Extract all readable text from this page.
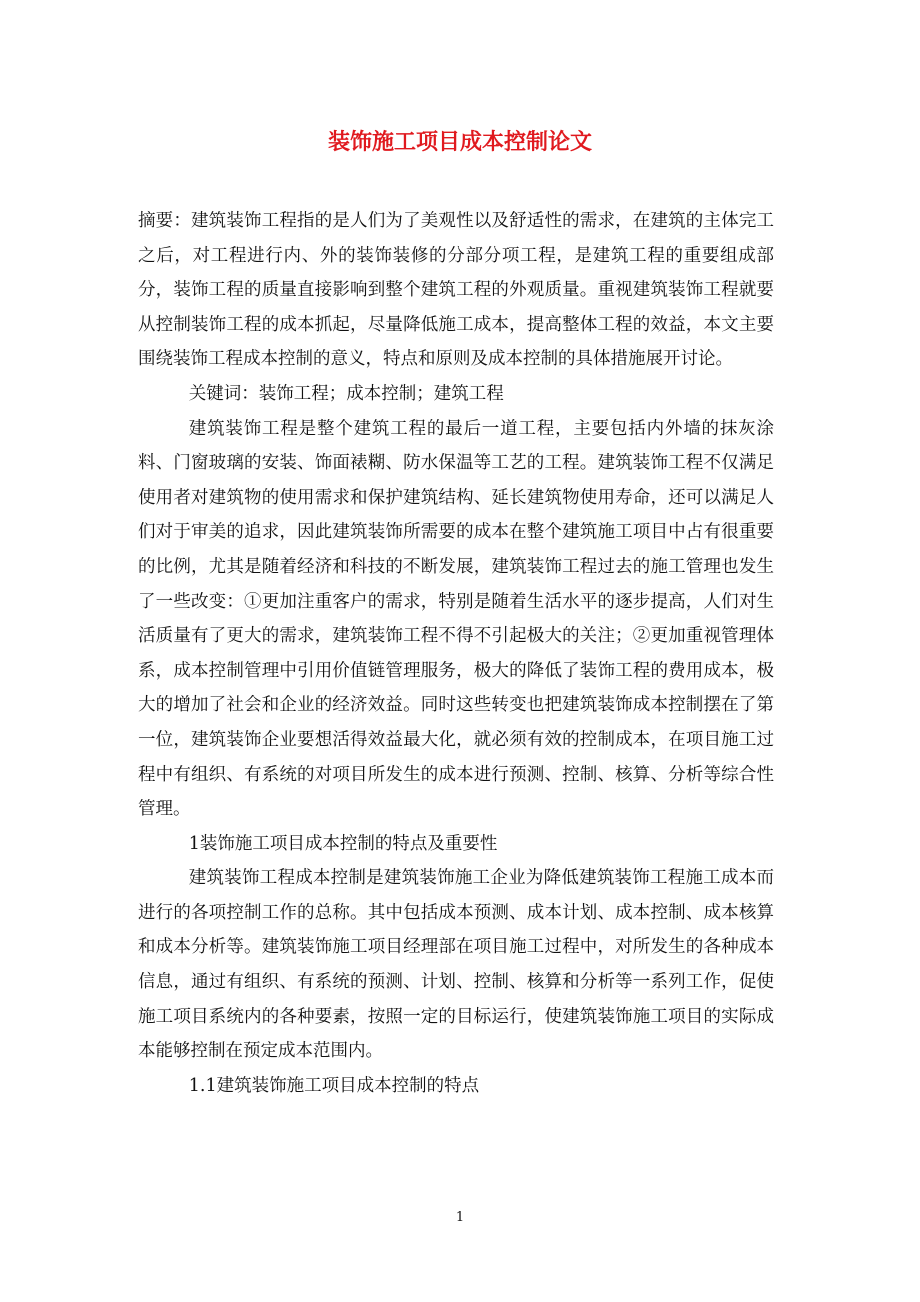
装饰施工项目成本控制论文

摘要：建筑装饰工程指的是人们为了美观性以及舒适性的需求，在建筑的主体完工之后，对工程进行内、外的装饰装修的分部分项工程，是建筑工程的重要组成部分，装饰工程的质量直接影响到整个建筑工程的外观质量。重视建筑装饰工程就要从控制装饰工程的成本抓起，尽量降低施工成本，提高整体工程的效益，本文主要围绕装饰工程成本控制的意义，特点和原则及成本控制的具体措施展开讨论。

关键词：装饰工程；成本控制；建筑工程

建筑装饰工程是整个建筑工程的最后一道工程，主要包括内外墙的抹灰涂料、门窗玻璃的安装、饰面裱糊、防水保温等工艺的工程。建筑装饰工程不仅满足使用者对建筑物的使用需求和保护建筑结构、延长建筑物使用寿命，还可以满足人们对于审美的追求，因此建筑装饰所需要的成本在整个建筑施工项目中占有很重要的比例，尤其是随着经济和科技的不断发展，建筑装饰工程过去的施工管理也发生了一些改变：①更加注重客户的需求，特别是随着生活水平的逐步提高，人们对生活质量有了更大的需求，建筑装饰工程不得不引起极大的关注；②更加重视管理体系，成本控制管理中引用价值链管理服务，极大的降低了装饰工程的费用成本，极大的增加了社会和企业的经济效益。同时这些转变也把建筑装饰成本控制摆在了第一位，建筑装饰企业要想活得效益最大化，就必须有效的控制成本，在项目施工过程中有组织、有系统的对项目所发生的成本进行预测、控制、核算、分析等综合性管理。

1装饰施工项目成本控制的特点及重要性

建筑装饰工程成本控制是建筑装饰施工企业为降低建筑装饰工程施工成本而进行的各项控制工作的总称。其中包括成本预测、成本计划、成本控制、成本核算和成本分析等。建筑装饰施工项目经理部在项目施工过程中，对所发生的各种成本信息，通过有组织、有系统的预测、计划、控制、核算和分析等一系列工作，促使施工项目系统内的各种要素，按照一定的目标运行，使建筑装饰施工项目的实际成本能够控制在预定成本范围内。

1.1建筑装饰施工项目成本控制的特点

1
